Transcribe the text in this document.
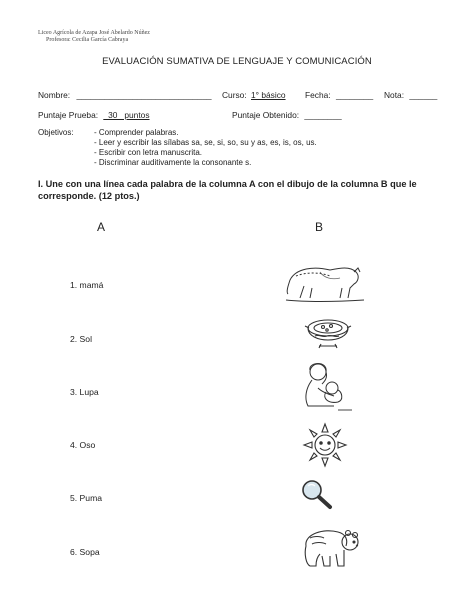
Liceo Agrícola de Azapa José Abelardo Núñez
Profesora: Cecilia García Cabraya
EVALUACIÓN SUMATIVA DE LENGUAJE Y COMUNICACIÓN
Nombre: _____________________________ Curso: 1° básico Fecha: ________ Nota: ______
Puntaje Prueba: _30_ puntos	Puntaje Obtenido: ________
Objetivos:	- Comprender palabras.
- Leer y escribir las sílabas sa, se, si, so, su y as, es, is, os, us.
- Escribir con letra manuscrita.
- Discriminar auditivamente la consonante s.
I. Une con una línea cada palabra de la columna A con el dibujo de la columna B que le corresponde. (12 ptos.)
A	B
1. mamá
2. Sol
3. Lupa
4. Oso
5. Puma
6. Sopa
